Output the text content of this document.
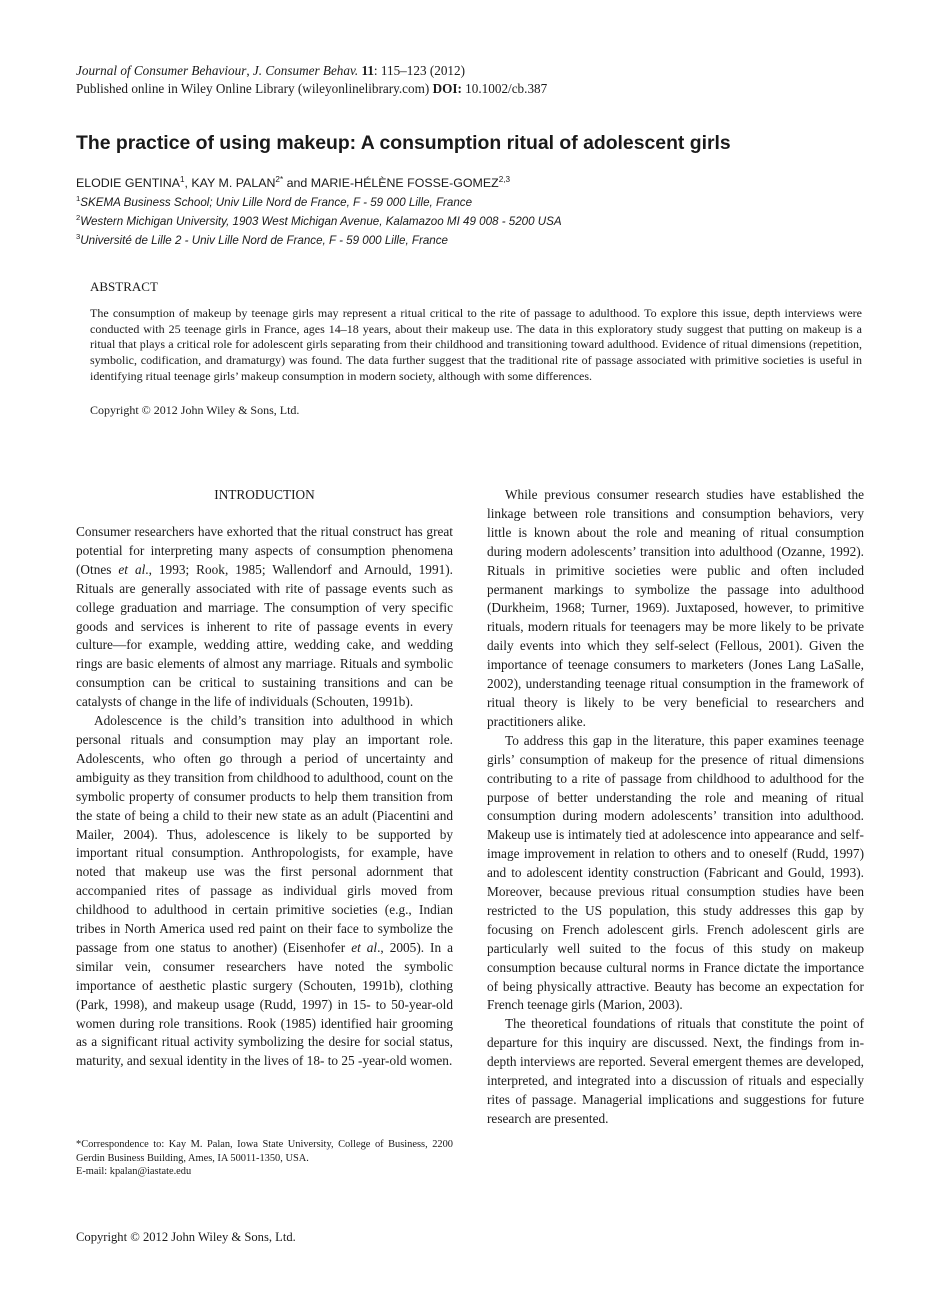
Journal of Consumer Behaviour, J. Consumer Behav. 11: 115–123 (2012)
Published online in Wiley Online Library (wileyonlinelibrary.com) DOI: 10.1002/cb.387
The practice of using makeup: A consumption ritual of adolescent girls
ELODIE GENTINA$^1$, KAY M. $PALAN^{2*}$ and MARIE-HÉLÈNE FOSSE-GOMEZ$^{2,3}$
$^1$SKEMA Business School; Univ Lille Nord de France, F - 59 000 Lille, France
$^2$Western Michigan University, 1903 West Michigan Avenue, Kalamazoo MI 49 008 - 5200 USA
$^3$Université de Lille 2 - Univ Lille Nord de France, F - 59 000 Lille, France
ABSTRACT
The consumption of makeup by teenage girls may represent a ritual critical to the rite of passage to adulthood. To explore this issue, depth interviews were conducted with 25 teenage girls in France, ages 14–18 years, about their makeup use. The data in this exploratory study suggest that putting on makeup is a ritual that plays a critical role for adolescent girls separating from their childhood and transitioning toward adulthood. Evidence of ritual dimensions (repetition, symbolic, codification, and dramaturgy) was found. The data further suggest that the traditional rite of passage associated with primitive societies is useful in identifying ritual teenage girls’ makeup consumption in modern society, although with some differences.
Copyright © 2012 John Wiley & Sons, Ltd.
INTRODUCTION

Consumer researchers have exhorted that the ritual construct has great potential for interpreting many aspects of consumption phenomena (Otnes et al., 1993; Rook, 1985; Wallendorf and Arnould, 1991). Rituals are generally associated with rite of passage events such as college graduation and marriage. The consumption of very specific goods and services is inherent to rite of passage events in every culture—for example, wedding attire, wedding cake, and wedding rings are basic elements of almost any marriage. Rituals and symbolic consumption can be critical to sustaining transitions and can be catalysts of change in the life of individuals (Schouten, 1991b).

Adolescence is the child’s transition into adulthood in which personal rituals and consumption may play an important role. Adolescents, who often go through a period of uncertainty and ambiguity as they transition from childhood to adulthood, count on the symbolic property of consumer products to help them transition from the state of being a child to their new state as an adult (Piacentini and Mailer, 2004). Thus, adolescence is likely to be supported by important ritual consumption. Anthropologists, for example, have noted that makeup use was the first personal adornment that accompanied rites of passage as individual girls moved from childhood to adulthood in certain primitive societies (e.g., Indian tribes in North America used red paint on their face to symbolize the passage from one status to another) (Eisenhofer et al., 2005). In a similar vein, consumer researchers have noted the symbolic importance of aesthetic plastic surgery (Schouten, 1991b), clothing (Park, 1998), and makeup usage (Rudd, 1997) in 15- to 50-year-old women during role transitions. Rook (1985) identified hair grooming as a significant ritual activity symbolizing the desire for social status, maturity, and sexual identity in the lives of 18- to 25 -year-old women.

While previous consumer research studies have established the linkage between role transitions and consumption behaviors, very little is known about the role and meaning of ritual consumption during modern adolescents’ transition into adulthood (Ozanne, 1992). Rituals in primitive societies were public and often included permanent markings to symbolize the passage into adulthood (Durkheim, 1968; Turner, 1969). Juxtaposed, however, to primitive rituals, modern rituals for teenagers may be more likely to be private daily events into which they self-select (Fellous, 2001). Given the importance of teenage consumers to marketers (Jones Lang LaSalle, 2002), understanding teenage ritual consumption in the framework of ritual theory is likely to be very beneficial to researchers and practitioners alike.

To address this gap in the literature, this paper examines teenage girls’ consumption of makeup for the presence of ritual dimensions contributing to a rite of passage from childhood to adulthood for the purpose of better understanding the role and meaning of ritual consumption during modern adolescents’ transition into adulthood. Makeup use is intimately tied at adolescence into appearance and self-image improvement in relation to others and to oneself (Rudd, 1997) and to adolescent identity construction (Fabricant and Gould, 1993). Moreover, because previous ritual consumption studies have been restricted to the US population, this study addresses this gap by focusing on French adolescent girls. French adolescent girls are particularly well suited to the focus of this study on makeup consumption because cultural norms in France dictate the importance of being physically attractive. Beauty has become an expectation for French teenage girls (Marion, 2003).

The theoretical foundations of rituals that constitute the point of departure for this inquiry are discussed. Next, the findings from in-depth interviews are reported. Several emergent themes are developed, interpreted, and integrated into a discussion of rituals and especially rites of passage. Managerial implications and suggestions for future research are presented.

*Correspondence to: Kay M. Palan, Iowa State University, College of Business, 2200 Gerdin Business Building, Ames, IA 50011-1350, USA.
E-mail: kpalan@iastate.edu
Copyright © 2012 John Wiley & Sons, Ltd.
